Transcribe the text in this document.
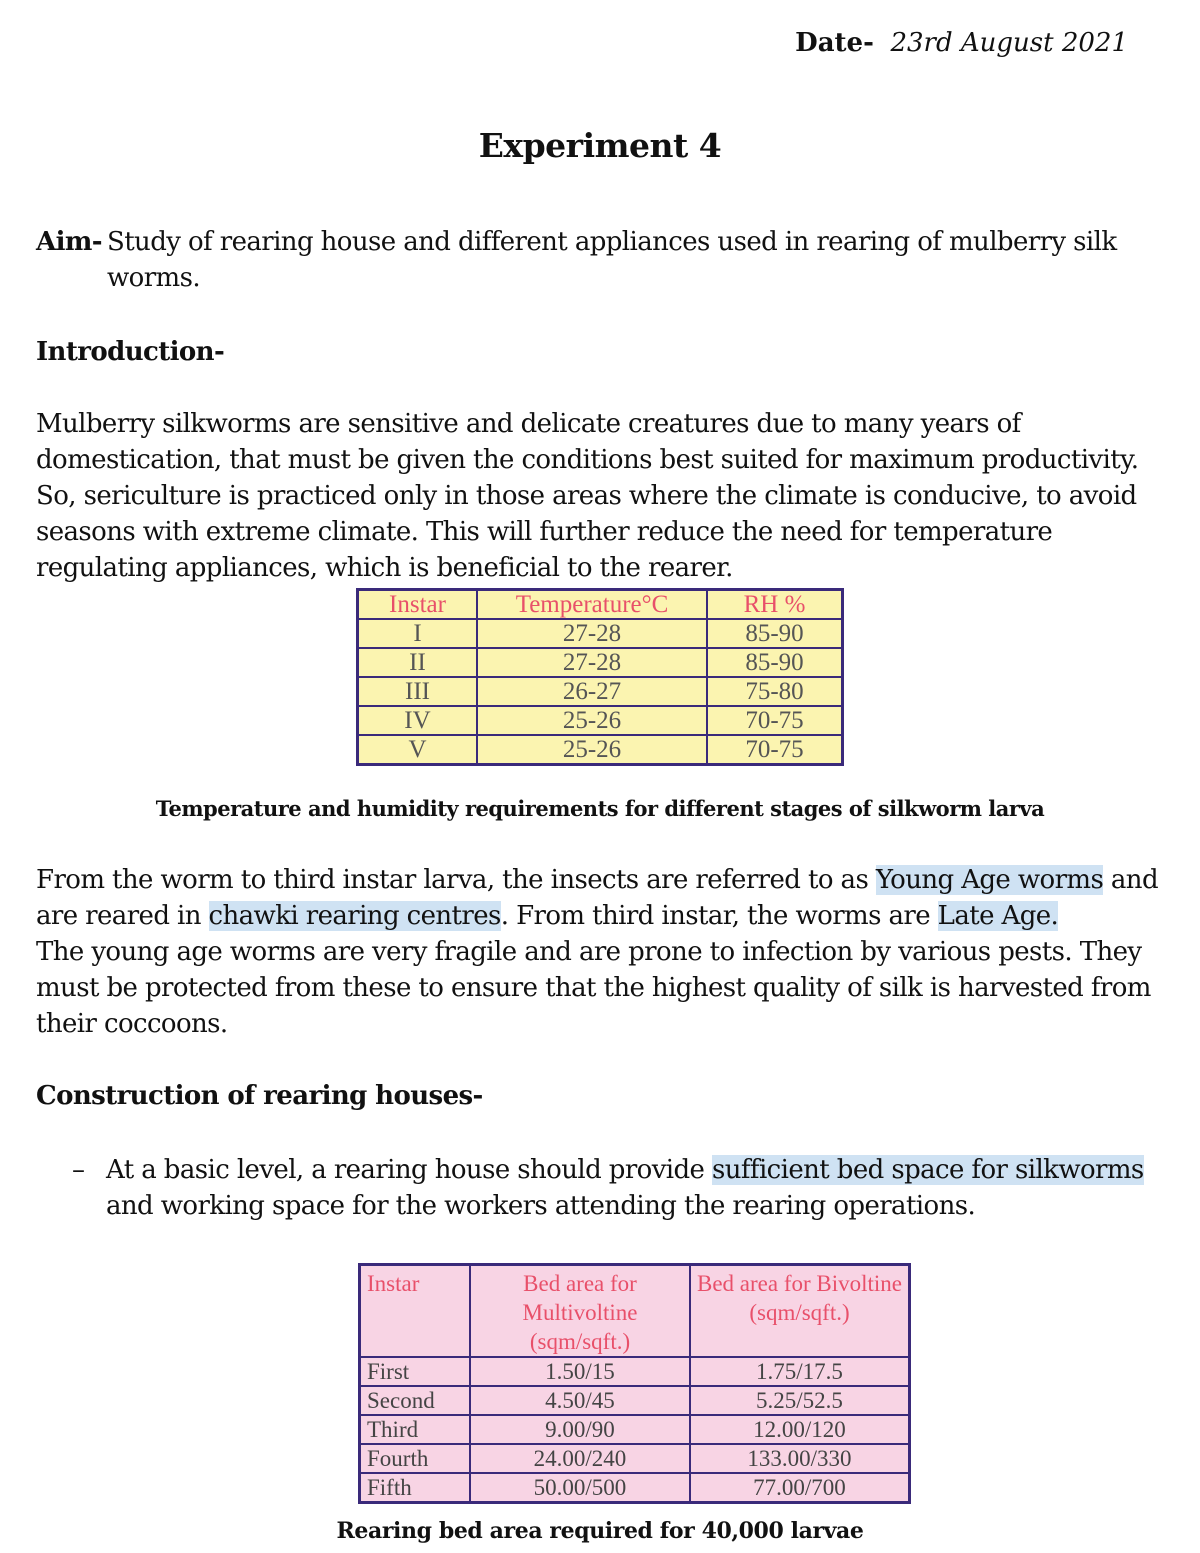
Date- 23rd August 2021
Experiment 4
Aim- Study of rearing house and different appliances used in rearing of mulberry silk
worms.
Introduction-
Mulberry silkworms are sensitive and delicate creatures due to many years of domestication, that must be given the conditions best suited for maximum productivity. So, sericulture is practiced only in those areas where the climate is conducive, to avoid seasons with extreme climate. This will further reduce the need for temperature regulating appliances, which is beneficial to the rearer.
Instar	Temperature°C	RH %
I	27-28	85-90
II	27-28	85-90
III	26-27	75-80
IV	25-26	70-75
V	25-26	70-75
Temperature and humidity requirements for different stages of silkworm larva
From the worm to third instar larva, the insects are referred to as Young Age worms and are reared in chawki rearing centres. From third instar, the worms are Late Age.
The young age worms are very fragile and are prone to infection by various pests. They must be protected from these to ensure that the highest quality of silk is harvested from their coccoons.
Construction of rearing houses-
– At a basic level, a rearing house should provide sufficient bed space for silkworms and working space for the workers attending the rearing operations.
Instar	Bed area for Multivoltine (sqm/sqft.)	Bed area for Bivoltine (sqm/sqft.)
First	1.50/15	1.75/17.5
Second	4.50/45	5.25/52.5
Third	9.00/90	12.00/120
Fourth	24.00/240	133.00/330
Fifth	50.00/500	77.00/700
Rearing bed area required for 40,000 larvae
